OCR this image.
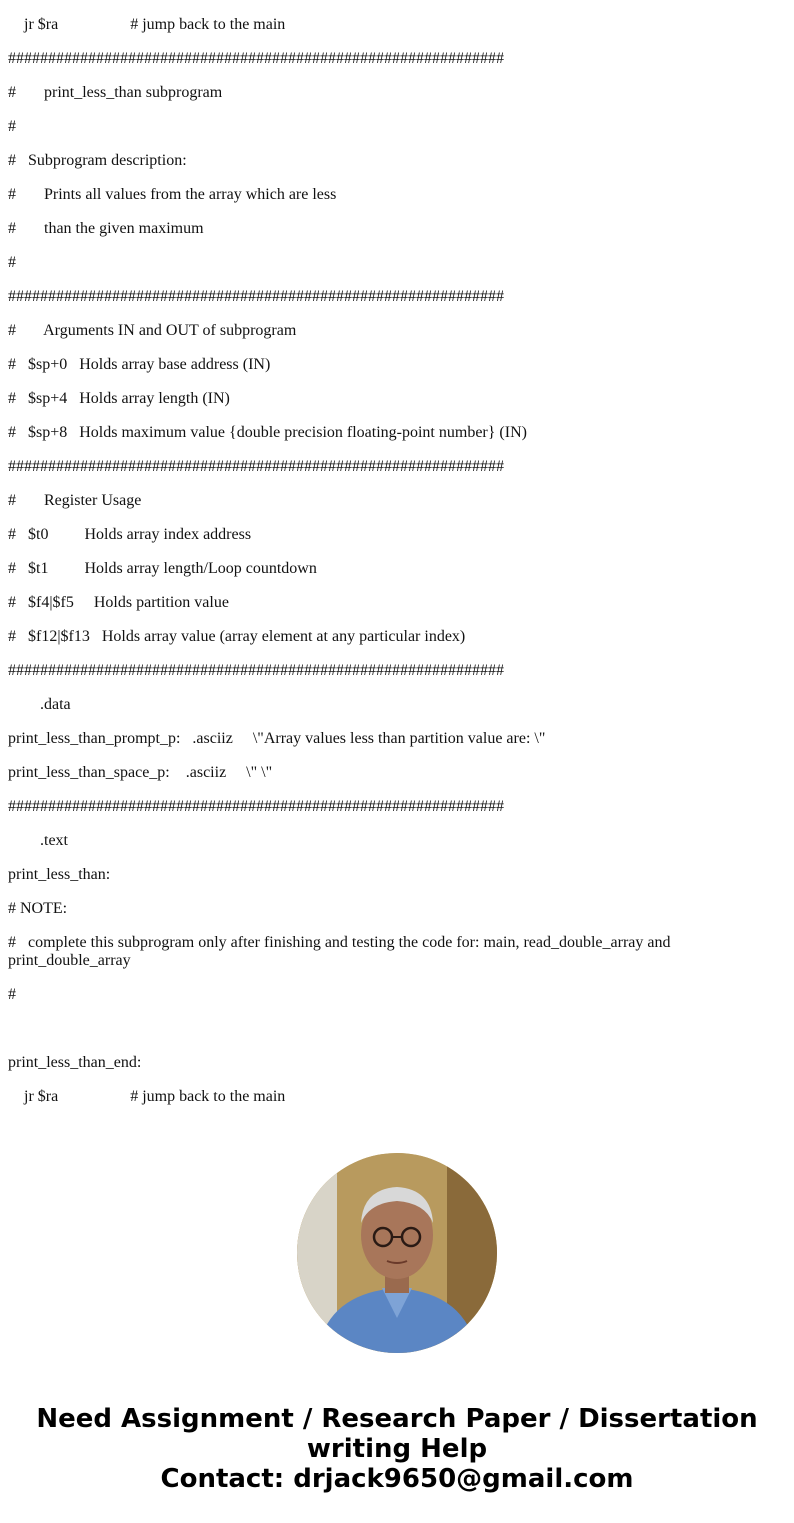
jr $ra                  # jump back to the main
##############################################################
#       print_less_than subprogram
#
#   Subprogram description:
#       Prints all values from the array which are less
#       than the given maximum
#
##############################################################
#       Arguments IN and OUT of subprogram
#   $sp+0   Holds array base address (IN)
#   $sp+4   Holds array length (IN)
#   $sp+8   Holds maximum value {double precision floating-point number} (IN)
##############################################################
#       Register Usage
#   $t0         Holds array index address
#   $t1         Holds array length/Loop countdown
#   $f4|$f5     Holds partition value
#   $f12|$f13   Holds array value (array element at any particular index)
##############################################################
.data
print_less_than_prompt_p:   .asciiz     \"Array values less than partition value are: \"
print_less_than_space_p:    .asciiz     \" \"
##############################################################
.text
print_less_than:
# NOTE:
#   complete this subprogram only after finishing and testing the code for: main, read_double_array and print_double_array
#
print_less_than_end:
jr $ra                  # jump back to the main
Need Assignment / Research Paper / Dissertation
writing Help
Contact: drjack9650@gmail.com
